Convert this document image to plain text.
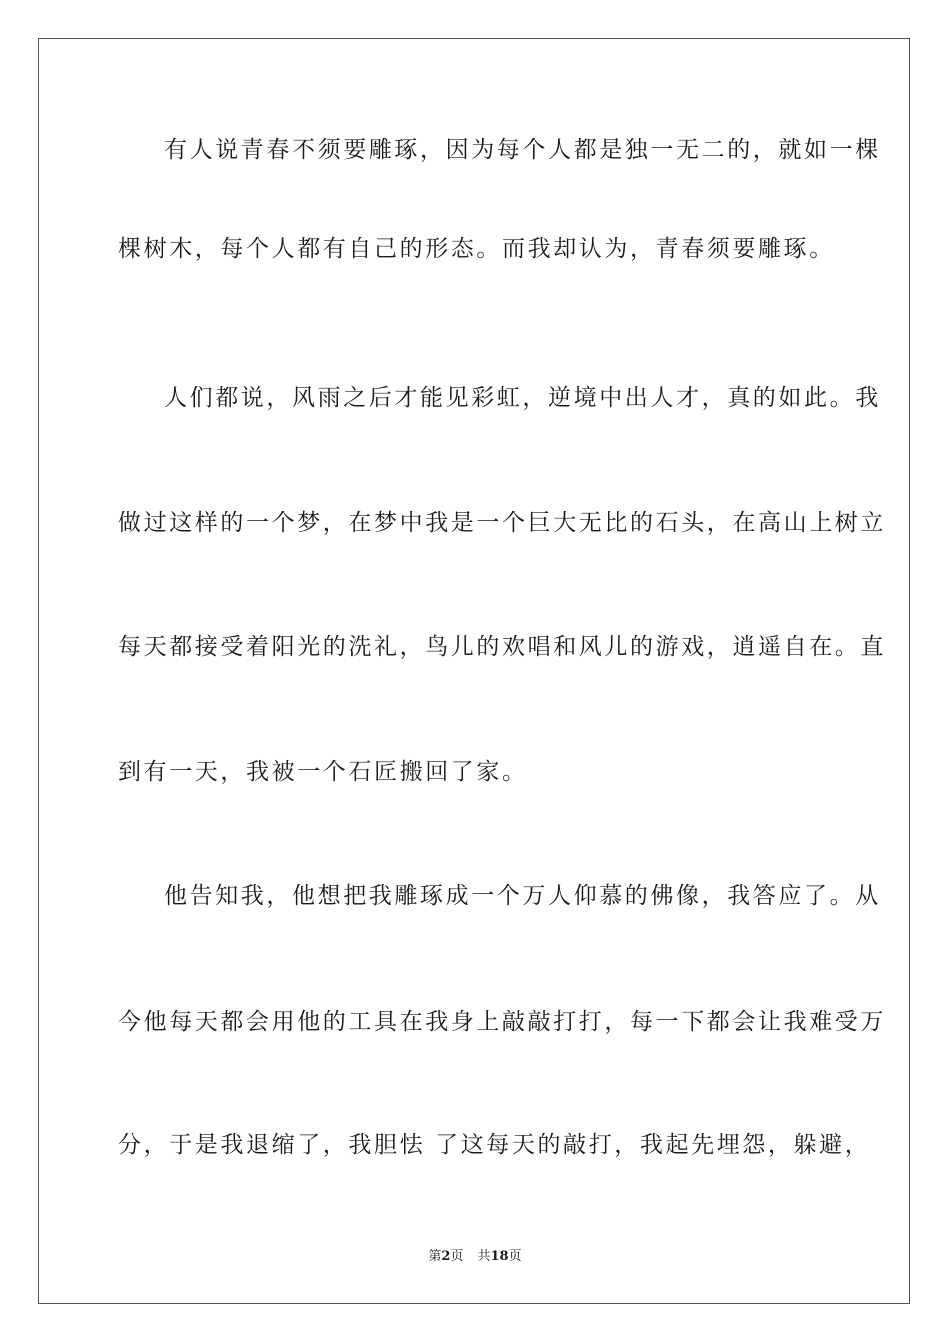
有人说青春不须要雕琢，因为每个人都是独一无二的，就如一棵
棵树木，每个人都有自己的形态。而我却认为，青春须要雕琢。
人们都说，风雨之后才能见彩虹，逆境中出人才，真的如此。我
做过这样的一个梦，在梦中我是一个巨大无比的石头，在高山上树立
每天都接受着阳光的洗礼，鸟儿的欢唱和风儿的游戏，逍遥自在。直
到有一天，我被一个石匠搬回了家。
他告知我，他想把我雕琢成一个万人仰慕的佛像，我答应了。从
今他每天都会用他的工具在我身上敲敲打打，每一下都会让我难受万
分，于是我退缩了，我胆怯 了这每天的敲打，我起先埋怨，躲避，
第2页 共18页
